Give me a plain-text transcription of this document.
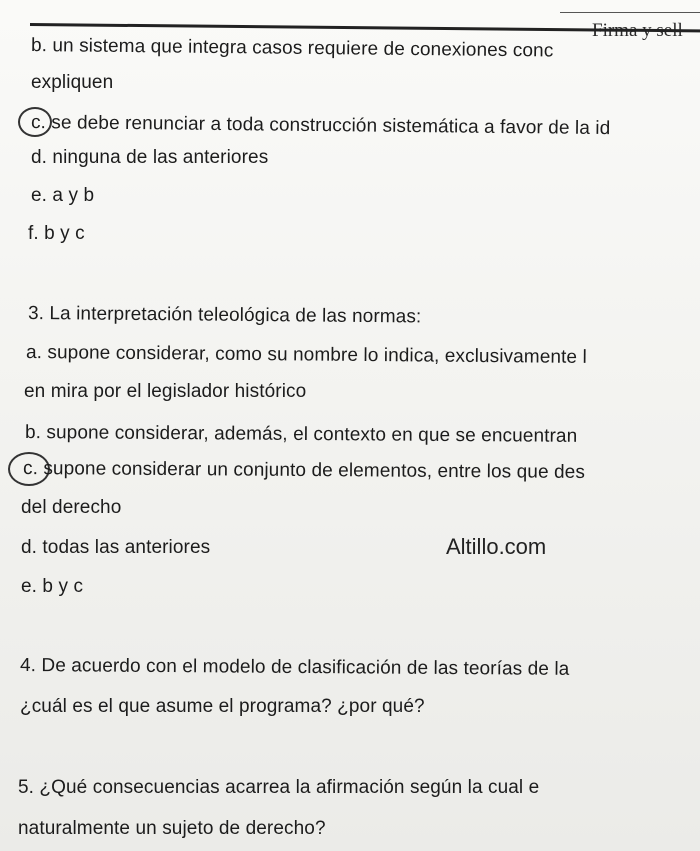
b. un sistema que integra casos requiere de conexiones conc
expliquen
c. se debe renunciar a toda construcción sistemática a favor de la id
d. ninguna de las anteriores
e. a y b
f. b y c
3. La interpretación teleológica de las normas:
a. supone considerar, como su nombre lo indica, exclusivamente l
en mira por el legislador histórico
b. supone considerar, además, el contexto en que se encuentran
c. supone considerar un conjunto de elementos, entre los que des
del derecho
d. todas las anteriores
e. b y c
4. De acuerdo con el modelo de clasificación de las teorías de la
¿cuál es el que asume el programa? ¿por qué?
5. ¿Qué consecuencias acarrea la afirmación según la cual e
naturalmente un sujeto de derecho?
Altillo.com
